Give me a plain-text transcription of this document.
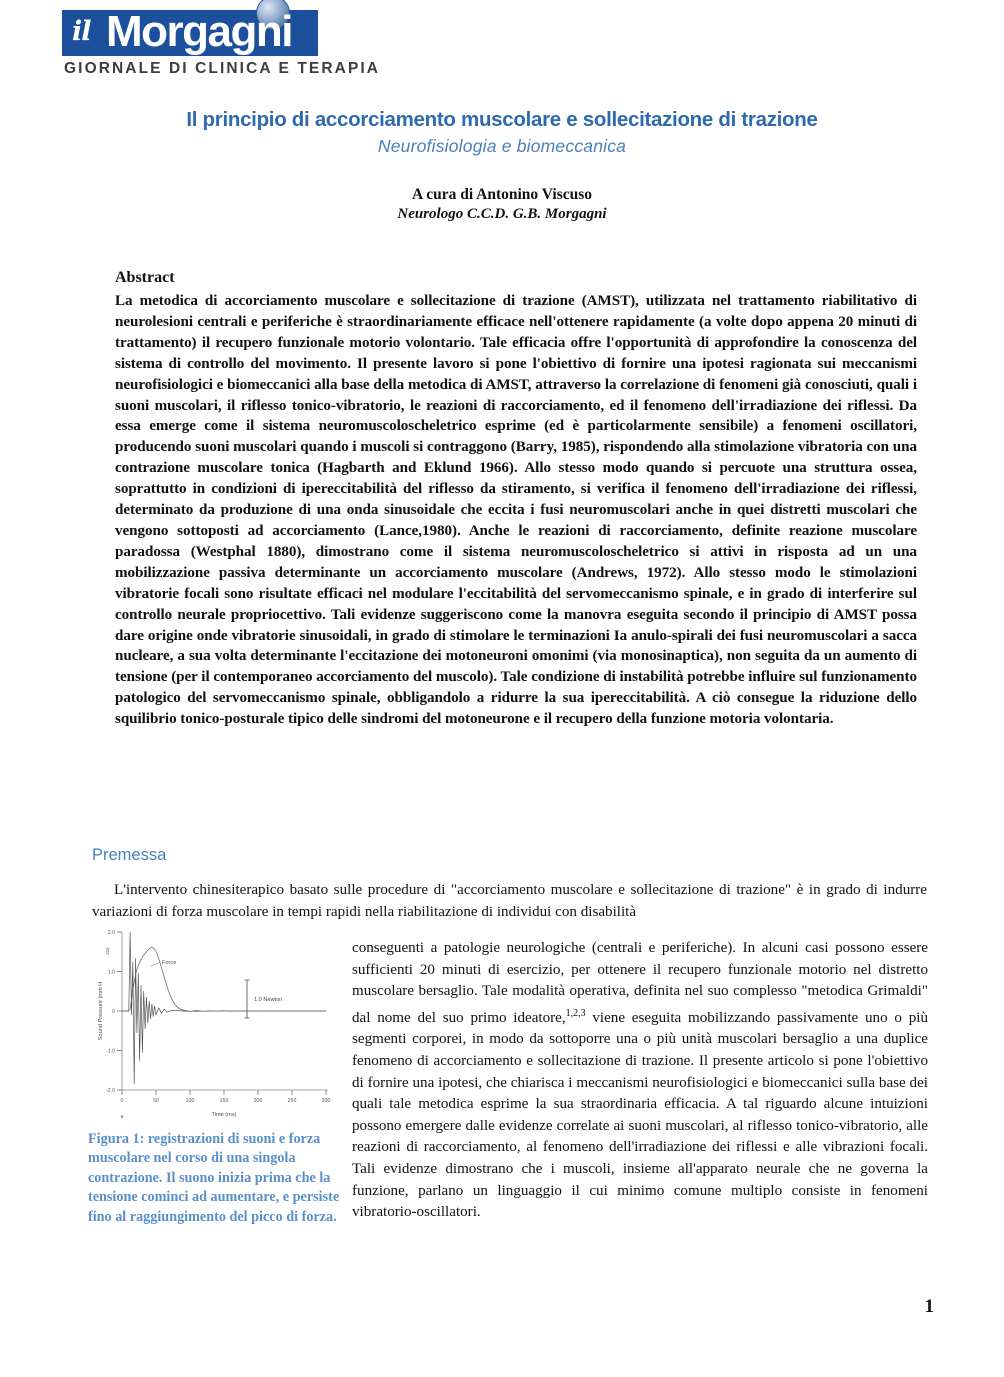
il Morgagni
GIORNALE DI CLINICA E TERAPIA
Il principio di accorciamento muscolare e sollecitazione di trazione
Neurofisiologia e biomeccanica
A cura di Antonino Viscuso
Neurologo C.C.D. G.B. Morgagni
Abstract
La metodica di accorciamento muscolare e sollecitazione di trazione (AMST), utilizzata nel trattamento riabilitativo di neurolesioni centrali e periferiche è straordinariamente efficace nell'ottenere rapidamente (a volte dopo appena 20 minuti di trattamento) il recupero funzionale motorio volontario. Tale efficacia offre l'opportunità di approfondire la conoscenza del sistema di controllo del movimento. Il presente lavoro si pone l'obiettivo di fornire una ipotesi ragionata sui meccanismi neurofisiologici e biomeccanici alla base della metodica di AMST, attraverso la correlazione di fenomeni già conosciuti, quali i suoni muscolari, il riflesso tonico-vibratorio, le reazioni di raccorciamento, ed il fenomeno dell'irradiazione dei riflessi. Da essa emerge come il sistema neuromuscoloscheletrico esprime (ed è particolarmente sensibile) a fenomeni oscillatori, producendo suoni muscolari quando i muscoli si contraggono (Barry, 1985), rispondendo alla stimolazione vibratoria con una contrazione muscolare tonica (Hagbarth and Eklund 1966). Allo stesso modo quando si percuote una struttura ossea, soprattutto in condizioni di ipereccitabilità del riflesso da stiramento, si verifica il fenomeno dell'irradiazione dei riflessi, determinato da produzione di una onda sinusoidale che eccita i fusi neuromuscolari anche in quei distretti muscolari che vengono sottoposti ad accorciamento (Lance,1980). Anche le reazioni di raccorciamento, definite reazione muscolare paradossa (Westphal 1880), dimostrano come il sistema neuromuscoloscheletrico si attivi in risposta ad un una mobilizzazione passiva determinante un accorciamento muscolare (Andrews, 1972). Allo stesso modo le stimolazioni vibratorie focali sono risultate efficaci nel modulare l'eccitabilità del servomeccanismo spinale, e in grado di interferire sul controllo neurale propriocettivo. Tali evidenze suggeriscono come la manovra eseguita secondo il principio di AMST possa dare origine onde vibratorie sinusoidali, in grado di stimolare le terminazioni Ia anulo-spirali dei fusi neuromuscolari a sacca nucleare, a sua volta determinante l'eccitazione dei motoneuroni omonimi (via monosinaptica), non seguita da un aumento di tensione (per il contemporaneo accorciamento del muscolo). Tale condizione di instabilità potrebbe influire sul funzionamento patologico del servomeccanismo spinale, obbligandolo a ridurre la sua ipereccitabilità. A ciò consegue la riduzione dello squilibrio tonico-posturale tipico delle sindromi del motoneurone e il recupero della funzione motoria volontaria.
Premessa
L'intervento chinesiterapico basato sulle procedure di "accorciamento muscolare e sollecitazione di trazione" è in grado di indurre variazioni di forza muscolare in tempi rapidi nella riabilitazione di individui con disabilità
2.0
1.0
0
-1.0
-2.0
0	50	100	150	200	250	300
Time (ms)
Sound Pressure (mm H
2O)
Force
1.0 Newton
a
Figura 1: registrazioni di suoni e forza muscolare nel corso di una singola contrazione. Il suono inizia prima che la tensione cominci ad aumentare, e persiste fino al raggiungimento del picco di forza.
conseguenti a patologie neurologiche (centrali e periferiche). In alcuni casi possono essere sufficienti 20 minuti di esercizio, per ottenere il recupero funzionale motorio nel distretto muscolare bersaglio. Tale modalità operativa, definita nel suo complesso "metodica Grimaldi" dal nome del suo primo ideatore,$^{1,2,3}$ viene eseguita mobilizzando passivamente uno o più segmenti corporei, in modo da sottoporre una o più unità muscolari bersaglio a una duplice fenomeno di accorciamento e sollecitazione di trazione. Il presente articolo si pone l'obiettivo di fornire una ipotesi, che chiarisca i meccanismi neurofisiologici e biomeccanici sulla base dei quali tale metodica esprime la sua straordinaria efficacia. A tal riguardo alcune intuizioni possono emergere dalle evidenze correlate ai suoni muscolari, al riflesso tonico-vibratorio, alle reazioni di raccorciamento, al fenomeno dell'irradiazione dei riflessi e alle vibrazioni focali. Tali evidenze dimostrano che i muscoli, insieme all'apparato neurale che ne governa la funzione, parlano un linguaggio il cui minimo comune multiplo consiste in fenomeni vibratorio-oscillatori.
1
